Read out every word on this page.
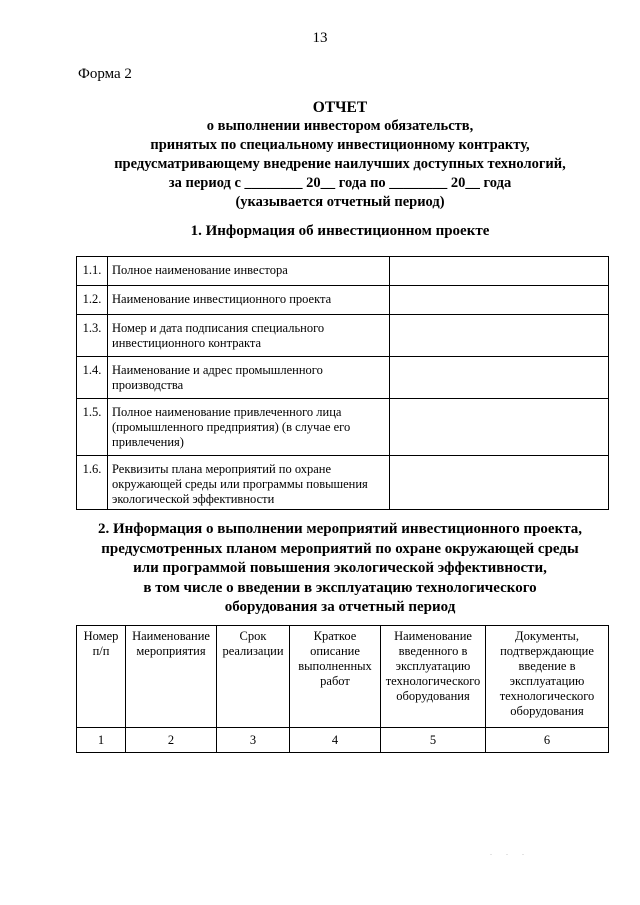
13
Форма 2
ОТЧЕТ
о выполнении инвестором обязательств,
принятых по специальному инвестиционному контракту,
предусматривающему внедрение наилучших доступных технологий,
за период с ________ 20__ года по ________ 20__ года
(указывается отчетный период)
1. Информация об инвестиционном проекте
1.1.	Полное наименование инвестора	
1.2.	Наименование инвестиционного проекта	
1.3.	Номер и дата подписания специального инвестиционного контракта	
1.4.	Наименование и адрес промышленного производства	
1.5.	Полное наименование привлеченного лица (промышленного предприятия) (в случае его привлечения)	
1.6.	Реквизиты плана мероприятий по охране окружающей среды или программы повышения экологической эффективности	
2. Информация о выполнении мероприятий инвестиционного проекта,
предусмотренных планом мероприятий по охране окружающей среды
или программой повышения экологической эффективности,
в том числе о введении в эксплуатацию технологического
оборудования за отчетный период
Номер п/п	Наименование мероприятия	Срок реализации	Краткое описание выполненных работ	Наименование введенного в эксплуатацию технологического оборудования	Документы, подтверждающие введение в эксплуатацию технологического оборудования
1	2	3	4	5	6
. . .
